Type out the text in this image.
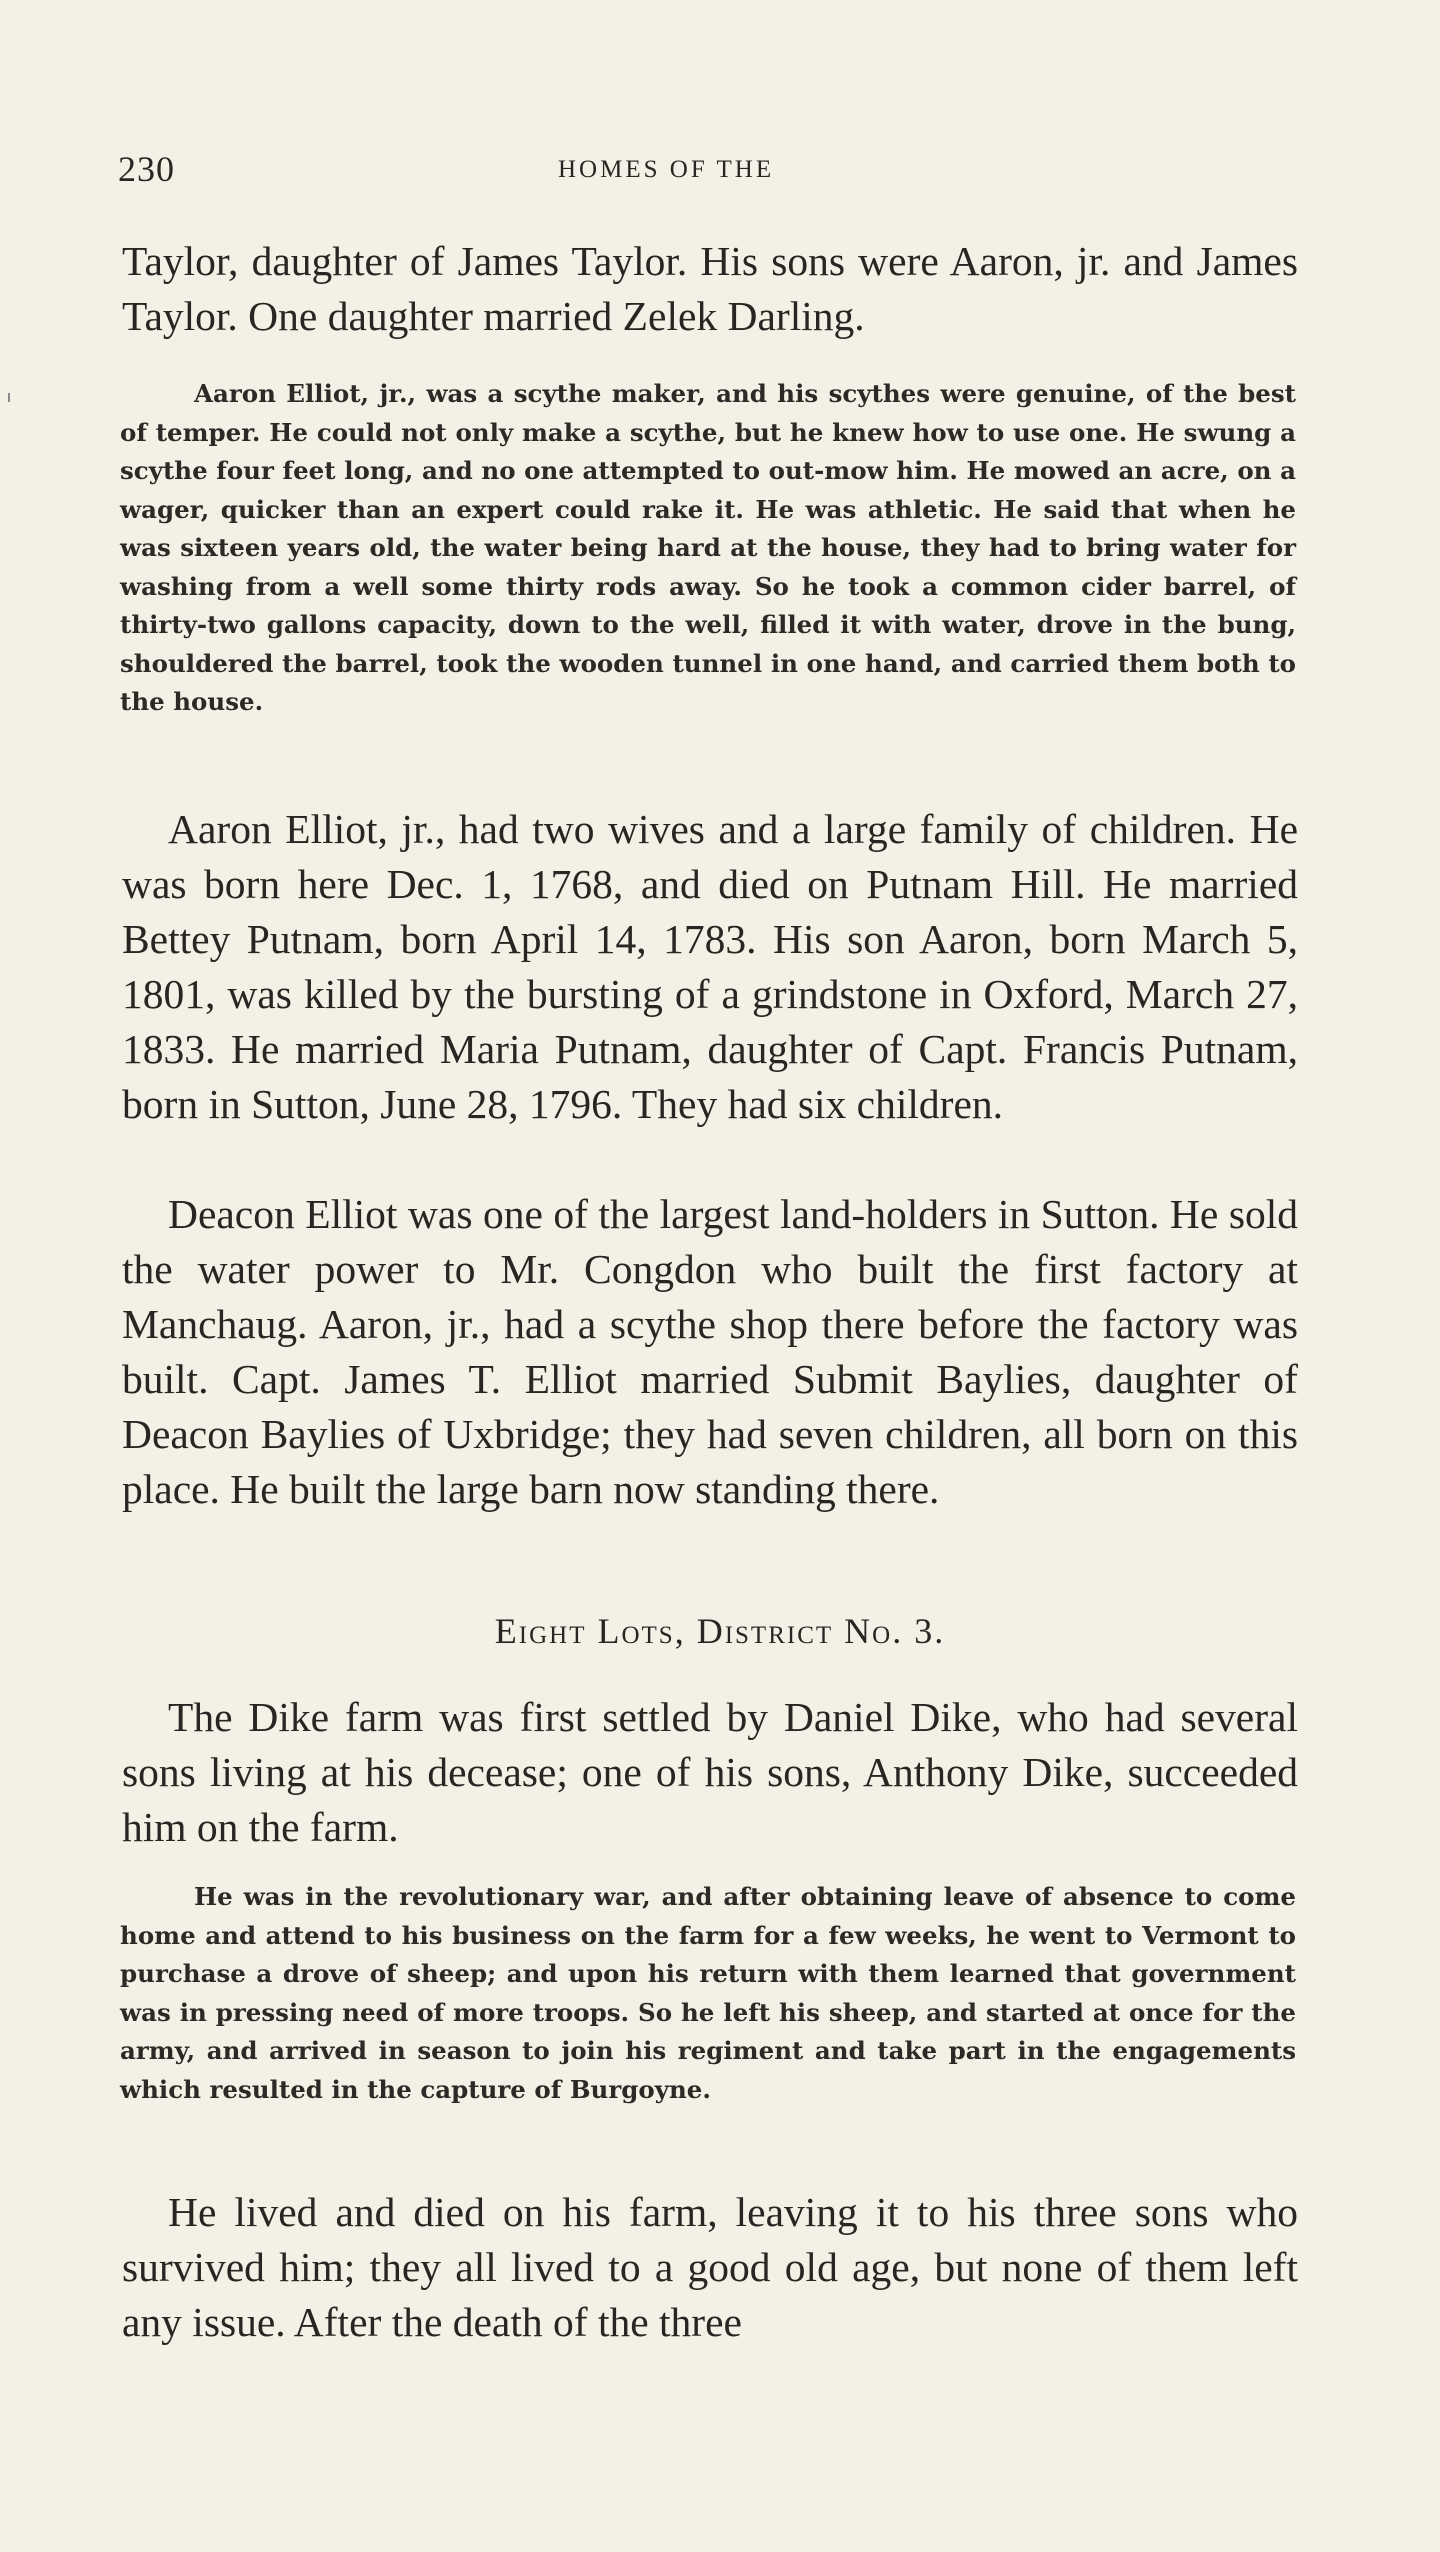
230	HOMES OF THE

Taylor, daughter of James Taylor. His sons were Aaron, jr. and James Taylor. One daughter married Zelek Darling.

Aaron Elliot, jr., was a scythe maker, and his scythes were genuine, of the best of temper. He could not only make a scythe, but he knew how to use one. He swung a scythe four feet long, and no one attempted to out-mow him. He mowed an acre, on a wager, quicker than an expert could rake it. He was athletic. He said that when he was sixteen years old, the water being hard at the house, they had to bring water for washing from a well some thirty rods away. So he took a common cider barrel, of thirty-two gallons capacity, down to the well, filled it with water, drove in the bung, shouldered the barrel, took the wooden tunnel in one hand, and carried them both to the house.

Aaron Elliot, jr., had two wives and a large family of children. He was born here Dec. 1, 1768, and died on Putnam Hill. He married Bettey Putnam, born April 14, 1783. His son Aaron, born March 5, 1801, was killed by the bursting of a grindstone in Oxford, March 27, 1833. He married Maria Putnam, daughter of Capt. Francis Putnam, born in Sutton, June 28, 1796. They had six children.

Deacon Elliot was one of the largest land-holders in Sutton. He sold the water power to Mr. Congdon who built the first factory at Manchaug. Aaron, jr., had a scythe shop there before the factory was built. Capt. James T. Elliot married Submit Baylies, daughter of Deacon Baylies of Uxbridge; they had seven children, all born on this place. He built the large barn now standing there.

Eight Lots, District No. 3.

The Dike farm was first settled by Daniel Dike, who had several sons living at his decease; one of his sons, Anthony Dike, succeeded him on the farm.

He was in the revolutionary war, and after obtaining leave of absence to come home and attend to his business on the farm for a few weeks, he went to Vermont to purchase a drove of sheep; and upon his return with them learned that government was in pressing need of more troops. So he left his sheep, and started at once for the army, and arrived in season to join his regiment and take part in the engagements which resulted in the capture of Burgoyne.

He lived and died on his farm, leaving it to his three sons who survived him; they all lived to a good old age, but none of them left any issue. After the death of the three
